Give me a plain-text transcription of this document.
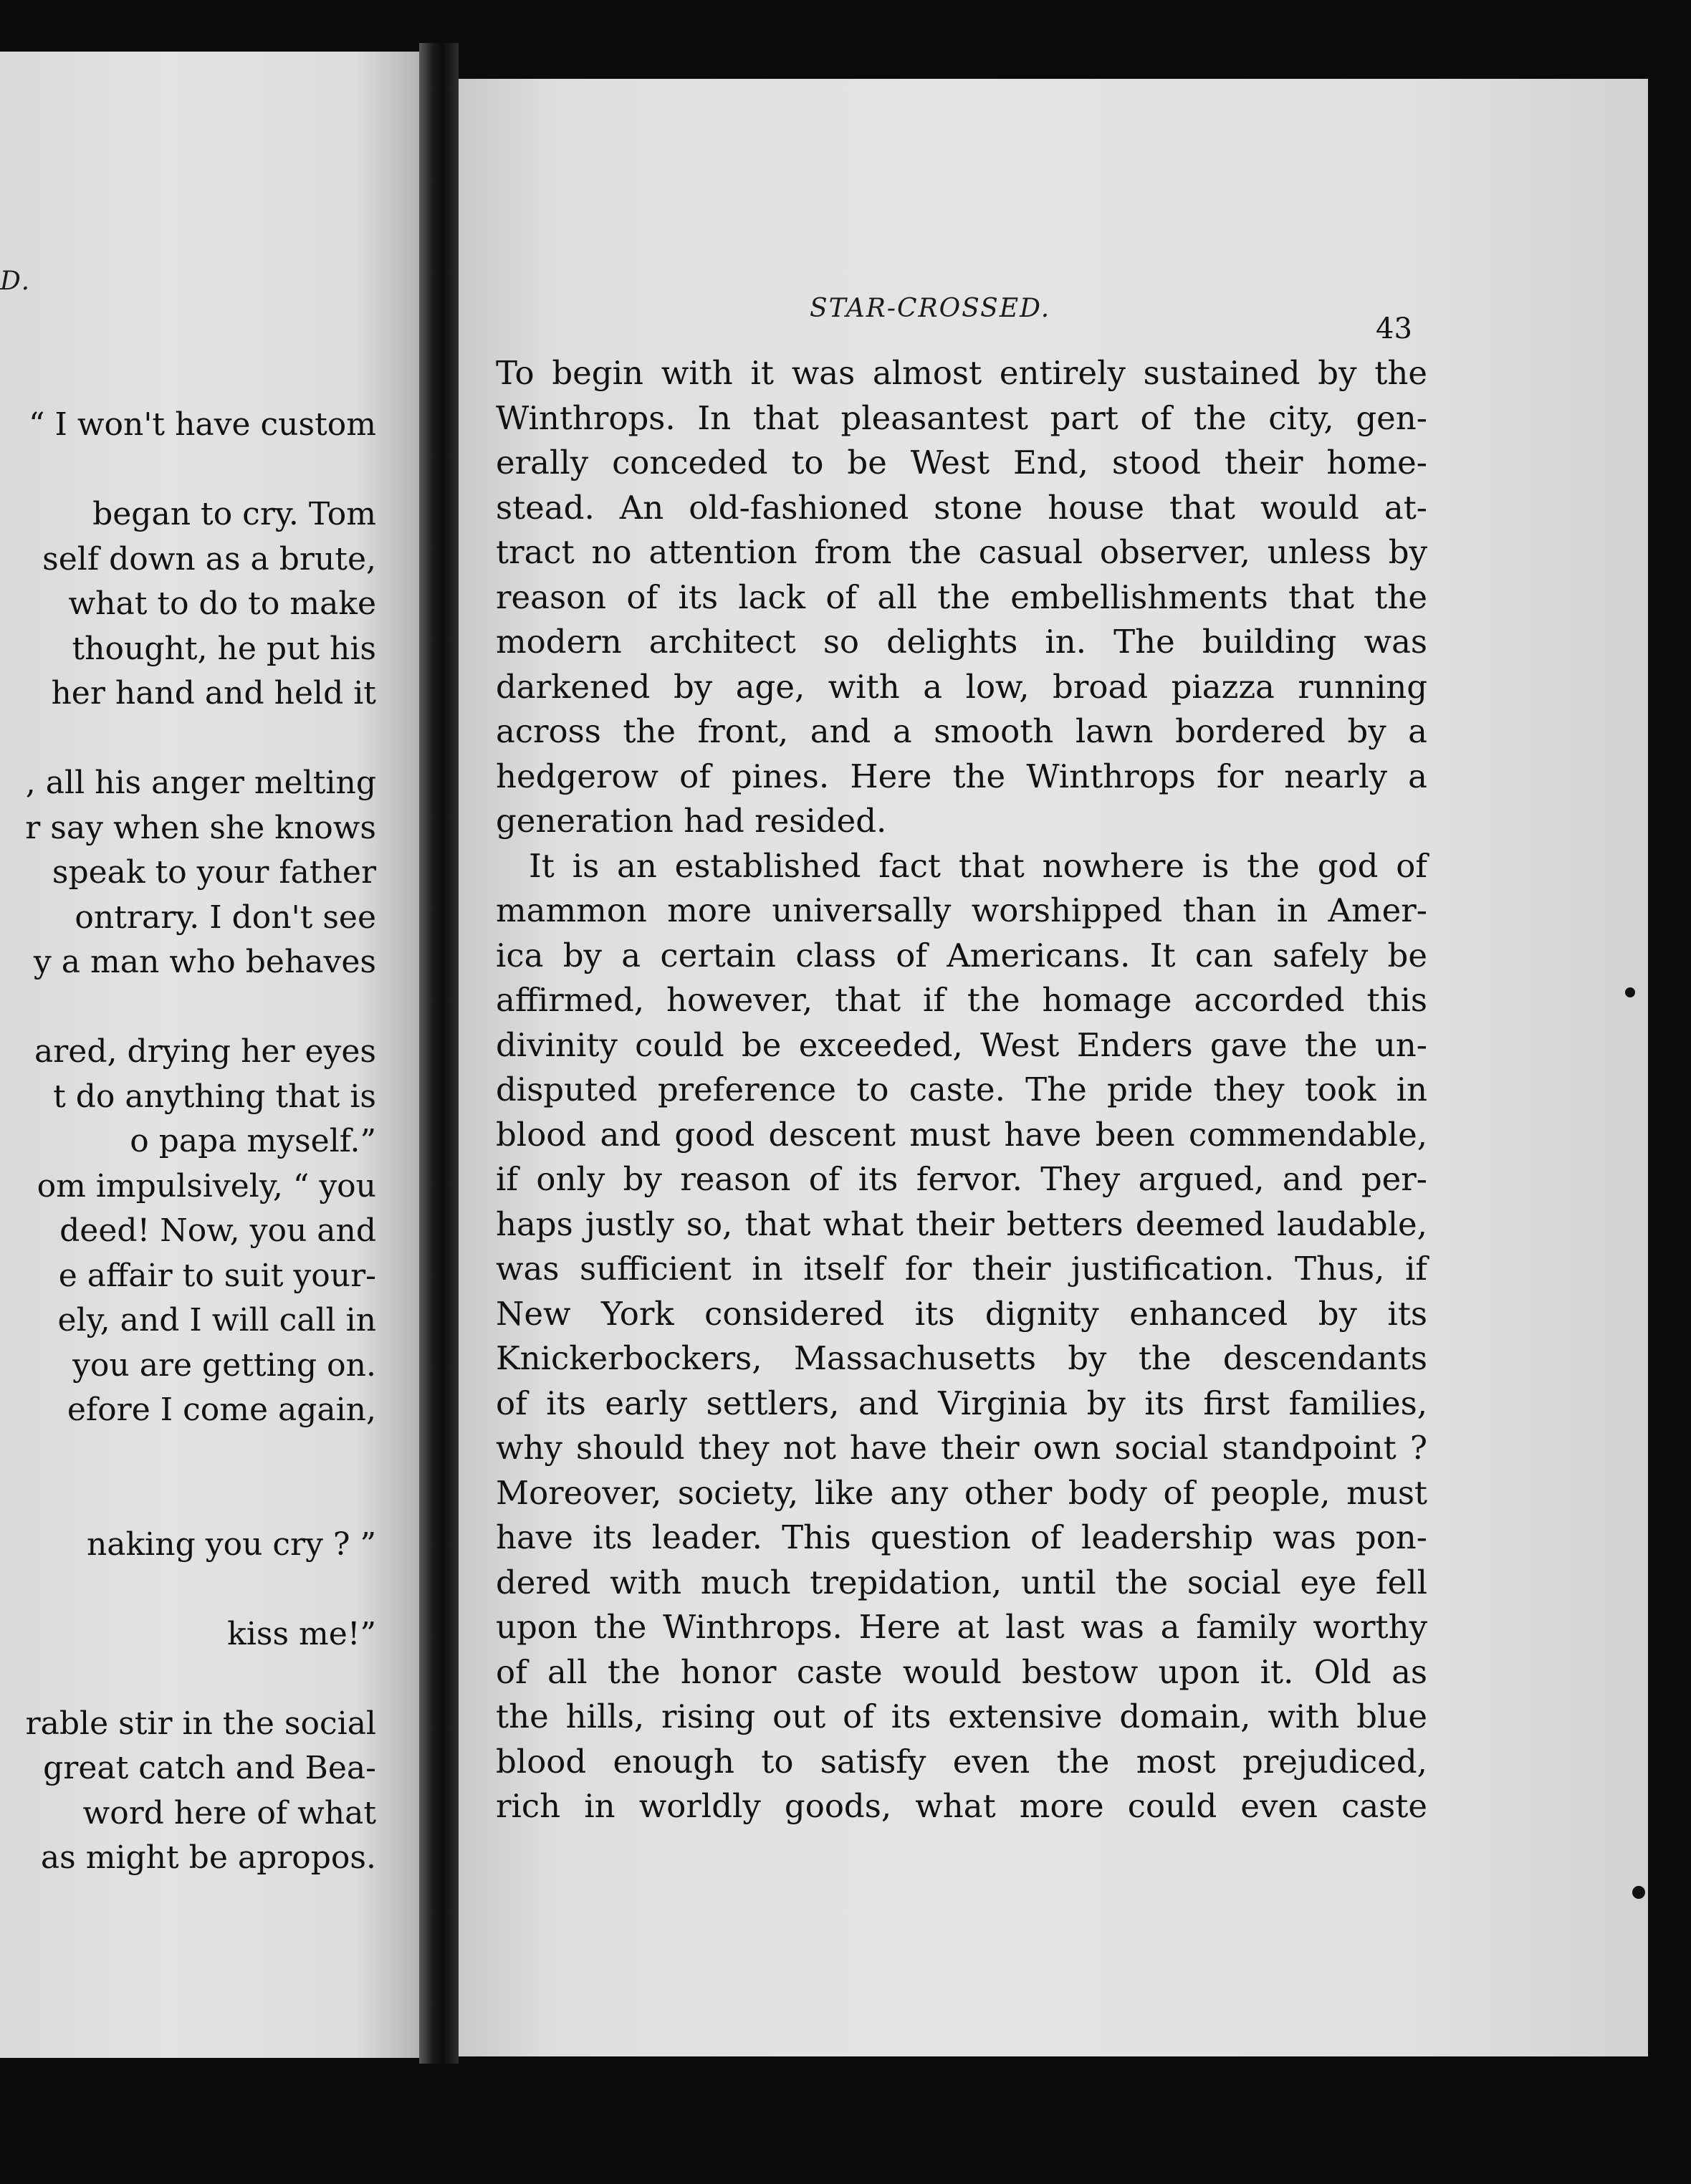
D.
“ I won't have custom
began to cry. Tom
self down as a brute,
what to do to make
thought, he put his
her hand and held it
, all his anger melting
r say when she knows
speak to your father
ontrary. I don't see
y a man who behaves
ared, drying her eyes
t do anything that is
o papa myself.”
om impulsively, “ you
deed! Now, you and
e affair to suit your-
ely, and I will call in
you are getting on.
efore I come again,
naking you cry ? ”
kiss me!”
rable stir in the social
great catch and Bea-
word here of what
as might be apropos.
STAR-CROSSED.
43
To begin with it was almost entirely sustained by the
Winthrops. In that pleasantest part of the city, gen-
erally conceded to be West End, stood their home-
stead. An old-fashioned stone house that would at-
tract no attention from the casual observer, unless by
reason of its lack of all the embellishments that the
modern architect so delights in. The building was
darkened by age, with a low, broad piazza running
across the front, and a smooth lawn bordered by a
hedgerow of pines. Here the Winthrops for nearly a
generation had resided.
It is an established fact that nowhere is the god of
mammon more universally worshipped than in Amer-
ica by a certain class of Americans. It can safely be
affirmed, however, that if the homage accorded this
divinity could be exceeded, West Enders gave the un-
disputed preference to caste. The pride they took in
blood and good descent must have been commendable,
if only by reason of its fervor. They argued, and per-
haps justly so, that what their betters deemed laudable,
was sufficient in itself for their justification. Thus, if
New York considered its dignity enhanced by its
Knickerbockers, Massachusetts by the descendants
of its early settlers, and Virginia by its first families,
why should they not have their own social standpoint ?
Moreover, society, like any other body of people, must
have its leader. This question of leadership was pon-
dered with much trepidation, until the social eye fell
upon the Winthrops. Here at last was a family worthy
of all the honor caste would bestow upon it. Old as
the hills, rising out of its extensive domain, with blue
blood enough to satisfy even the most prejudiced,
rich in worldly goods, what more could even caste
